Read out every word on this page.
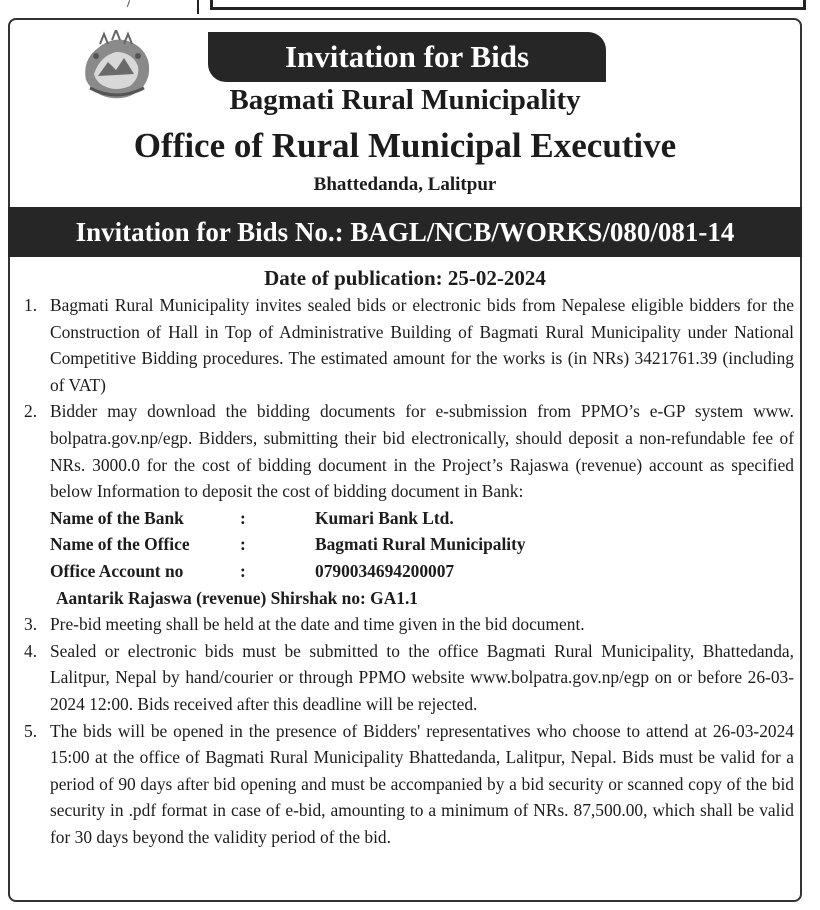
Invitation for Bids
Bagmati Rural Municipality
Office of Rural Municipal Executive
Bhattedanda, Lalitpur
Invitation for Bids No.: BAGL/NCB/WORKS/080/081-14
Date of publication: 25-02-2024
1. Bagmati Rural Municipality invites sealed bids or electronic bids from Nepalese eligible bidders for the Construction of Hall in Top of Administrative Building of Bagmati Rural Municipality under National Competitive Bidding procedures. The estimated amount for the works is (in NRs) 3421761.39 (including of VAT)
2. Bidder may download the bidding documents for e-submission from PPMO’s e-GP system www. bolpatra.gov.np/egp. Bidders, submitting their bid electronically, should deposit a non-refundable fee of NRs. 3000.0 for the cost of bidding document in the Project’s Rajaswa (revenue) account as specified below Information to deposit the cost of bidding document in Bank:
Name of the Bank	:	Kumari Bank Ltd.
Name of the Office	:	Bagmati Rural Municipality
Office Account no	:	0790034694200007
Aantarik Rajaswa (revenue) Shirshak no: GA1.1
3. Pre-bid meeting shall be held at the date and time given in the bid document.
4. Sealed or electronic bids must be submitted to the office Bagmati Rural Municipality, Bhattedanda, Lalitpur, Nepal by hand/courier or through PPMO website www.bolpatra.gov.np/egp on or before 26-03-2024 12:00. Bids received after this deadline will be rejected.
5. The bids will be opened in the presence of Bidders' representatives who choose to attend at 26-03-2024 15:00 at the office of Bagmati Rural Municipality Bhattedanda, Lalitpur, Nepal. Bids must be valid for a period of 90 days after bid opening and must be accompanied by a bid security or scanned copy of the bid security in .pdf format in case of e-bid, amounting to a minimum of NRs. 87,500.00, which shall be valid for 30 days beyond the validity period of the bid.
